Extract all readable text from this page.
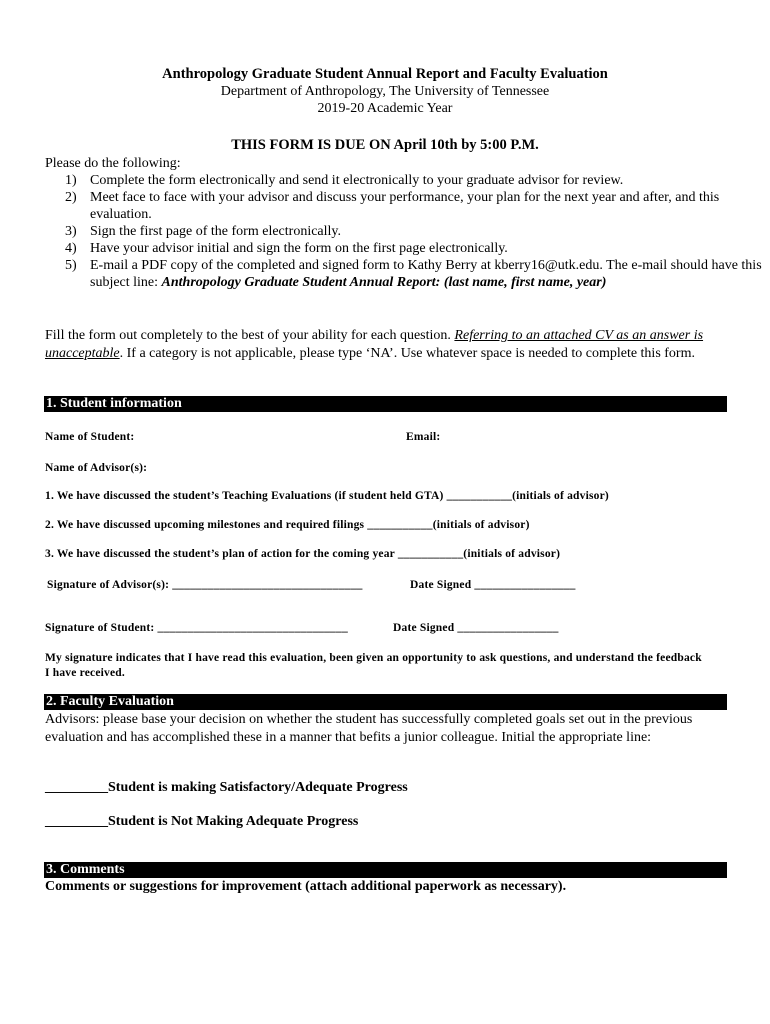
Anthropology Graduate Student Annual Report and Faculty Evaluation
Department of Anthropology, The University of Tennessee
2019-20 Academic Year
THIS FORM IS DUE ON April 10th by 5:00 P.M.
Please do the following:
1) Complete the form electronically and send it electronically to your graduate advisor for review.
2) Meet face to face with your advisor and discuss your performance, your plan for the next year and after, and this evaluation.
3) Sign the first page of the form electronically.
4) Have your advisor initial and sign the form on the first page electronically.
5) E-mail a PDF copy of the completed and signed form to Kathy Berry at kberry16@utk.edu. The e-mail should have this subject line: Anthropology Graduate Student Annual Report: (last name, first name, year)
Fill the form out completely to the best of your ability for each question. Referring to an attached CV as an answer is unacceptable. If a category is not applicable, please type ‘NA’. Use whatever space is needed to complete this form.
1. Student information
Name of Student:	Email:
Name of Advisor(s):
1. We have discussed the student’s Teaching Evaluations (if student held GTA) ___________(initials of advisor)
2. We have discussed upcoming milestones and required filings ___________(initials of advisor)
3. We have discussed the student’s plan of action for the coming year ___________(initials of advisor)
Signature of Advisor(s): ________________________________	Date Signed _________________
Signature of Student: ________________________________	Date Signed _________________
My signature indicates that I have read this evaluation, been given an opportunity to ask questions, and understand the feedback I have received.
2. Faculty Evaluation
Advisors: please base your decision on whether the student has successfully completed goals set out in the previous evaluation and has accomplished these in a manner that befits a junior colleague. Initial the appropriate line:
_________Student is making Satisfactory/Adequate Progress
_________Student is Not Making Adequate Progress
3. Comments
Comments or suggestions for improvement (attach additional paperwork as necessary).
